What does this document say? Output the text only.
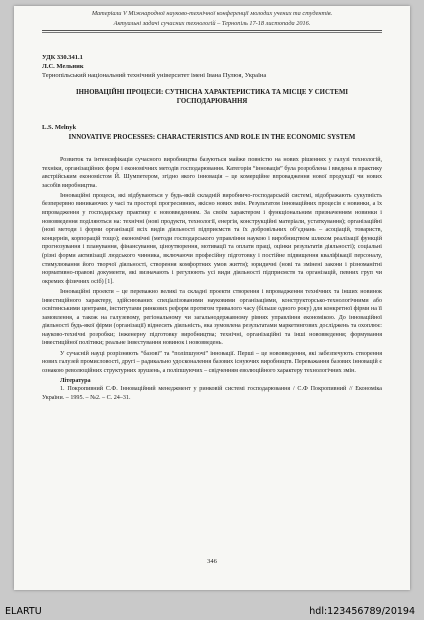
Матеріали V Міжнародної науково-технічної конференції молодих учених та студентів.
Актуальні задачі сучасних технологій – Тернопіль 17-18 листопада 2016.
УДК 330.341.1
Л.С. Мельник
Тернопільський національний технічний університет імені Івана Пулюя, Україна
ІННОВАЦІЙНІ ПРОЦЕСИ: СУТНІСНА ХАРАКТЕРИСТИКА ТА МІСЦЕ У СИСТЕМІ ГОСПОДАРЮВАННЯ
L.S. Melnyk
INNOVATIVE PROCESSES: CHARACTERISTICS AND ROLE IN THE ECONOMIC SYSTEM

Розвиток та інтенсифікація сучасного виробництва базуються майже повністю на нових рішеннях у галузі технологій, техніки, організаційних форм і економічних методів господарювання. Категорія “інновація” була розроблена і введена в практику австрійським економістом Й. Шумпетером, згідно якого інновація – це комерційне впровадження нової продукції чи нових засобів виробництва.

Інноваційні процеси, які відбуваються у будь-якій складній виробничо-господарській системі, відображають сукупність безперервно виникаючих у часі та просторі прогресивних, якісно нових змін. Результатом інноваційних процесів є новинки, а їх впровадження у господарську практику є нововведенням. За своїм характером і функціональним призначенням новинки і нововведення поділяються на: технічні (нові продукти, технології, енергія, конструкційні матеріали, устаткування); організаційні (нові методи і форми організації всіх видів діяльності підприємств та їх добровільних об’єднань – асоціацій, товариств, концернів, корпорацій тощо); економічні (методи господарського управління наукою і виробництвом шляхом реалізації функцій прогнозування і планування, фінансування, ціноутворення, мотивації та оплати праці, оцінки результатів діяльності); соціальні (різні форми активізації людського чинника, включаючи професійну підготовку і постійне підвищення кваліфікації персоналу, стимулювання його творчої діяльності, створення комфортних умов життя); юридичні (нові та змінені закони і різноманітні нормативно-правові документи, які визначають і регулюють усі види діяльності підприємств та організацій, певних груп чи окремих фізичних осіб) [1].

Інноваційні проекти – це переважно великі та складні проекти створення і впровадження технічних та інших новинок інвестиційного характеру, здійснюваних спеціалізованими науковими організаціями, конструкторсько-технологічними або освітянськими центрами, інститутами ринкових реформ протягом тривалого часу (більше одного року) для конкретної фірми на її замовлення, а також на галузевому, регіональному чи загальнодержавному рівнях управління економікою. До інноваційної діяльності будь-якої фірми (організації) віднесять діяльність, яка зумовлена результатами маркетингових досліджень та охоплює: науково-технічні розробки; інженерну підготовку виробництва; технічні, організаційні та інші нововведення; формування інвестиційної політики; реальне інвестування новинок і нововведень.

У сучасній науці розрізняють “базові” та “поліпшуючі” інновації. Перші – це нововведення, які забезпечують створення нових галузей промисловості, другі – радикально удосконалення базових існуючих виробництв. Переважання базових інновацій є ознакою революційних структурних зрушень, а поліпшуючих – свідченням еволюційного характеру технологічних змін.

Література

1. Покропивний С.Ф. Інноваційний менеджмент у ринковій системі господарювання / С.Ф Покропивний // Економіка України. – 1995. – №2. – С. 24–31.

346
ELARTU	hdl:123456789/20194
